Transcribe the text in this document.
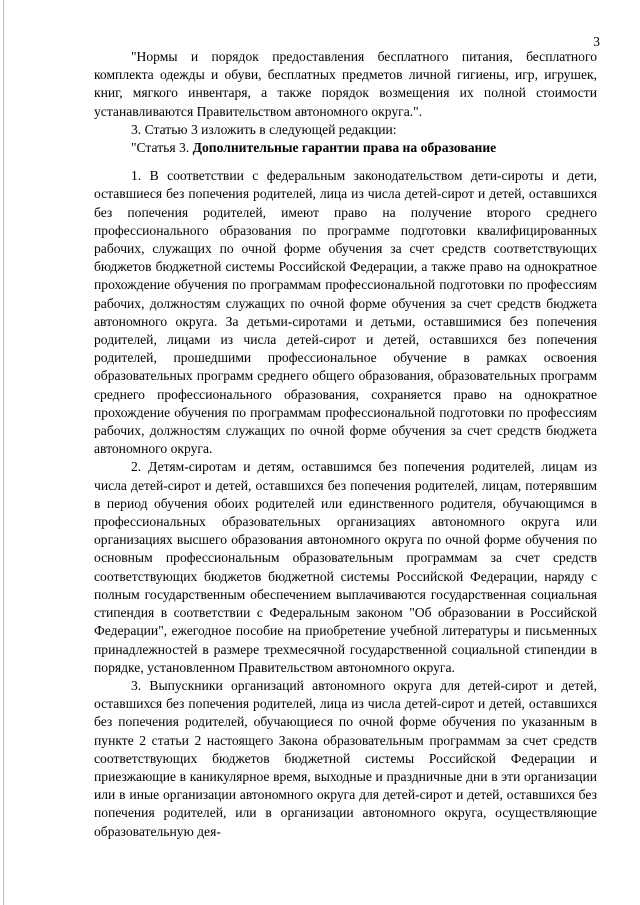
3

"Нормы и порядок предоставления бесплатного питания, бесплатного комплекта одежды и обуви, бесплатных предметов личной гигиены, игр, игрушек, книг, мягкого инвентаря, а также порядок возмещения их полной стоимости устанавливаются Правительством автономного округа.".

3. Статью 3 изложить в следующей редакции:

"Статья 3. Дополнительные гарантии права на образование

1. В соответствии с федеральным законодательством дети-сироты и дети, оставшиеся без попечения родителей, лица из числа детей-сирот и детей, оставшихся без попечения родителей, имеют право на получение второго среднего профессионального образования по программе подготовки квалифицированных рабочих, служащих по очной форме обучения за счет средств соответствующих бюджетов бюджетной системы Российской Федерации, а также право на однократное прохождение обучения по программам профессиональной подготовки по профессиям рабочих, должностям служащих по очной форме обучения за счет средств бюджета автономного округа. За детьми-сиротами и детьми, оставшимися без попечения родителей, лицами из числа детей-сирот и детей, оставшихся без попечения родителей, прошедшими профессиональное обучение в рамках освоения образовательных программ среднего общего образования, образовательных программ среднего профессионального образования, сохраняется право на однократное прохождение обучения по программам профессиональной подготовки по профессиям рабочих, должностям служащих по очной форме обучения за счет средств бюджета автономного округа.

2. Детям-сиротам и детям, оставшимся без попечения родителей, лицам из числа детей-сирот и детей, оставшихся без попечения родителей, лицам, потерявшим в период обучения обоих родителей или единственного родителя, обучающимся в профессиональных образовательных организациях автономного округа или организациях высшего образования автономного округа по очной форме обучения по основным профессиональным образовательным программам за счет средств соответствующих бюджетов бюджетной системы Российской Федерации, наряду с полным государственным обеспечением выплачиваются государственная социальная стипендия в соответствии с Федеральным законом "Об образовании в Российской Федерации", ежегодное пособие на приобретение учебной литературы и письменных принадлежностей в размере трехмесячной государственной социальной стипендии в порядке, установленном Правительством автономного округа.

3. Выпускники организаций автономного округа для детей-сирот и детей, оставшихся без попечения родителей, лица из числа детей-сирот и детей, оставшихся без попечения родителей, обучающиеся по очной форме обучения по указанным в пункте 2 статьи 2 настоящего Закона образовательным программам за счет средств соответствующих бюджетов бюджетной системы Российской Федерации и приезжающие в каникулярное время, выходные и праздничные дни в эти организации или в иные организации автономного округа для детей-сирот и детей, оставшихся без попечения родителей, или в организации автономного округа, осуществляющие образовательную дея-
